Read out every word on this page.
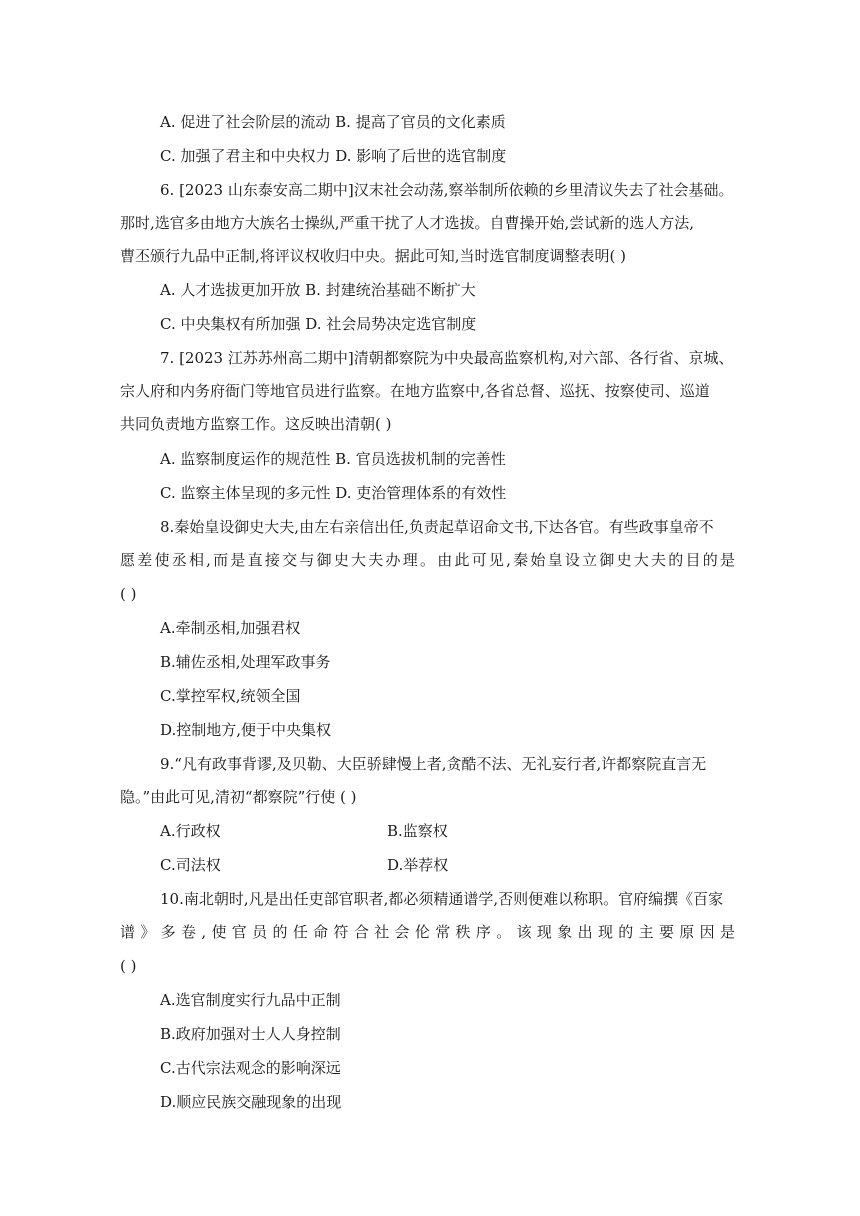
A. 促进了社会阶层的流动 B. 提高了官员的文化素质
C. 加强了君主和中央权力 D. 影响了后世的选官制度
6. [2023 山东泰安高二期中]汉末社会动荡,察举制所依赖的乡里清议失去了社会基础。
那时,选官多由地方大族名士操纵,严重干扰了人才选拔。自曹操开始,尝试新的选人方法,
曹丕颁行九品中正制,将评议权收归中央。据此可知,当时选官制度调整表明( )
A. 人才选拔更加开放 B. 封建统治基础不断扩大
C. 中央集权有所加强 D. 社会局势决定选官制度
7. [2023 江苏苏州高二期中]清朝都察院为中央最高监察机构,对六部、各行省、京城、
宗人府和内务府衙门等地官员进行监察。在地方监察中,各省总督、巡抚、按察使司、巡道
共同负责地方监察工作。这反映出清朝( )
A. 监察制度运作的规范性 B. 官员选拔机制的完善性
C. 监察主体呈现的多元性 D. 吏治管理体系的有效性
8.秦始皇设御史大夫,由左右亲信出任,负责起草诏命文书,下达各官。有些政事皇帝不
愿差使丞相,而是直接交与御史大夫办理。由此可见,秦始皇设立御史大夫的目的是
( )
A.牵制丞相,加强君权
B.辅佐丞相,处理军政事务
C.掌控军权,统领全国
D.控制地方,便于中央集权
9.“凡有政事背谬,及贝勒、大臣骄肆慢上者,贪酷不法、无礼妄行者,许都察院直言无
隐。”由此可见,清初“都察院”行使 ( )
A.行政权	B.监察权
C.司法权	D.举荐权
10.南北朝时,凡是出任吏部官职者,都必须精通谱学,否则便难以称职。官府编撰《百家
谱》多卷,使官员的任命符合社会伦常秩序。该现象出现的主要原因是
( )
A.选官制度实行九品中正制
B.政府加强对士人人身控制
C.古代宗法观念的影响深远
D.顺应民族交融现象的出现
